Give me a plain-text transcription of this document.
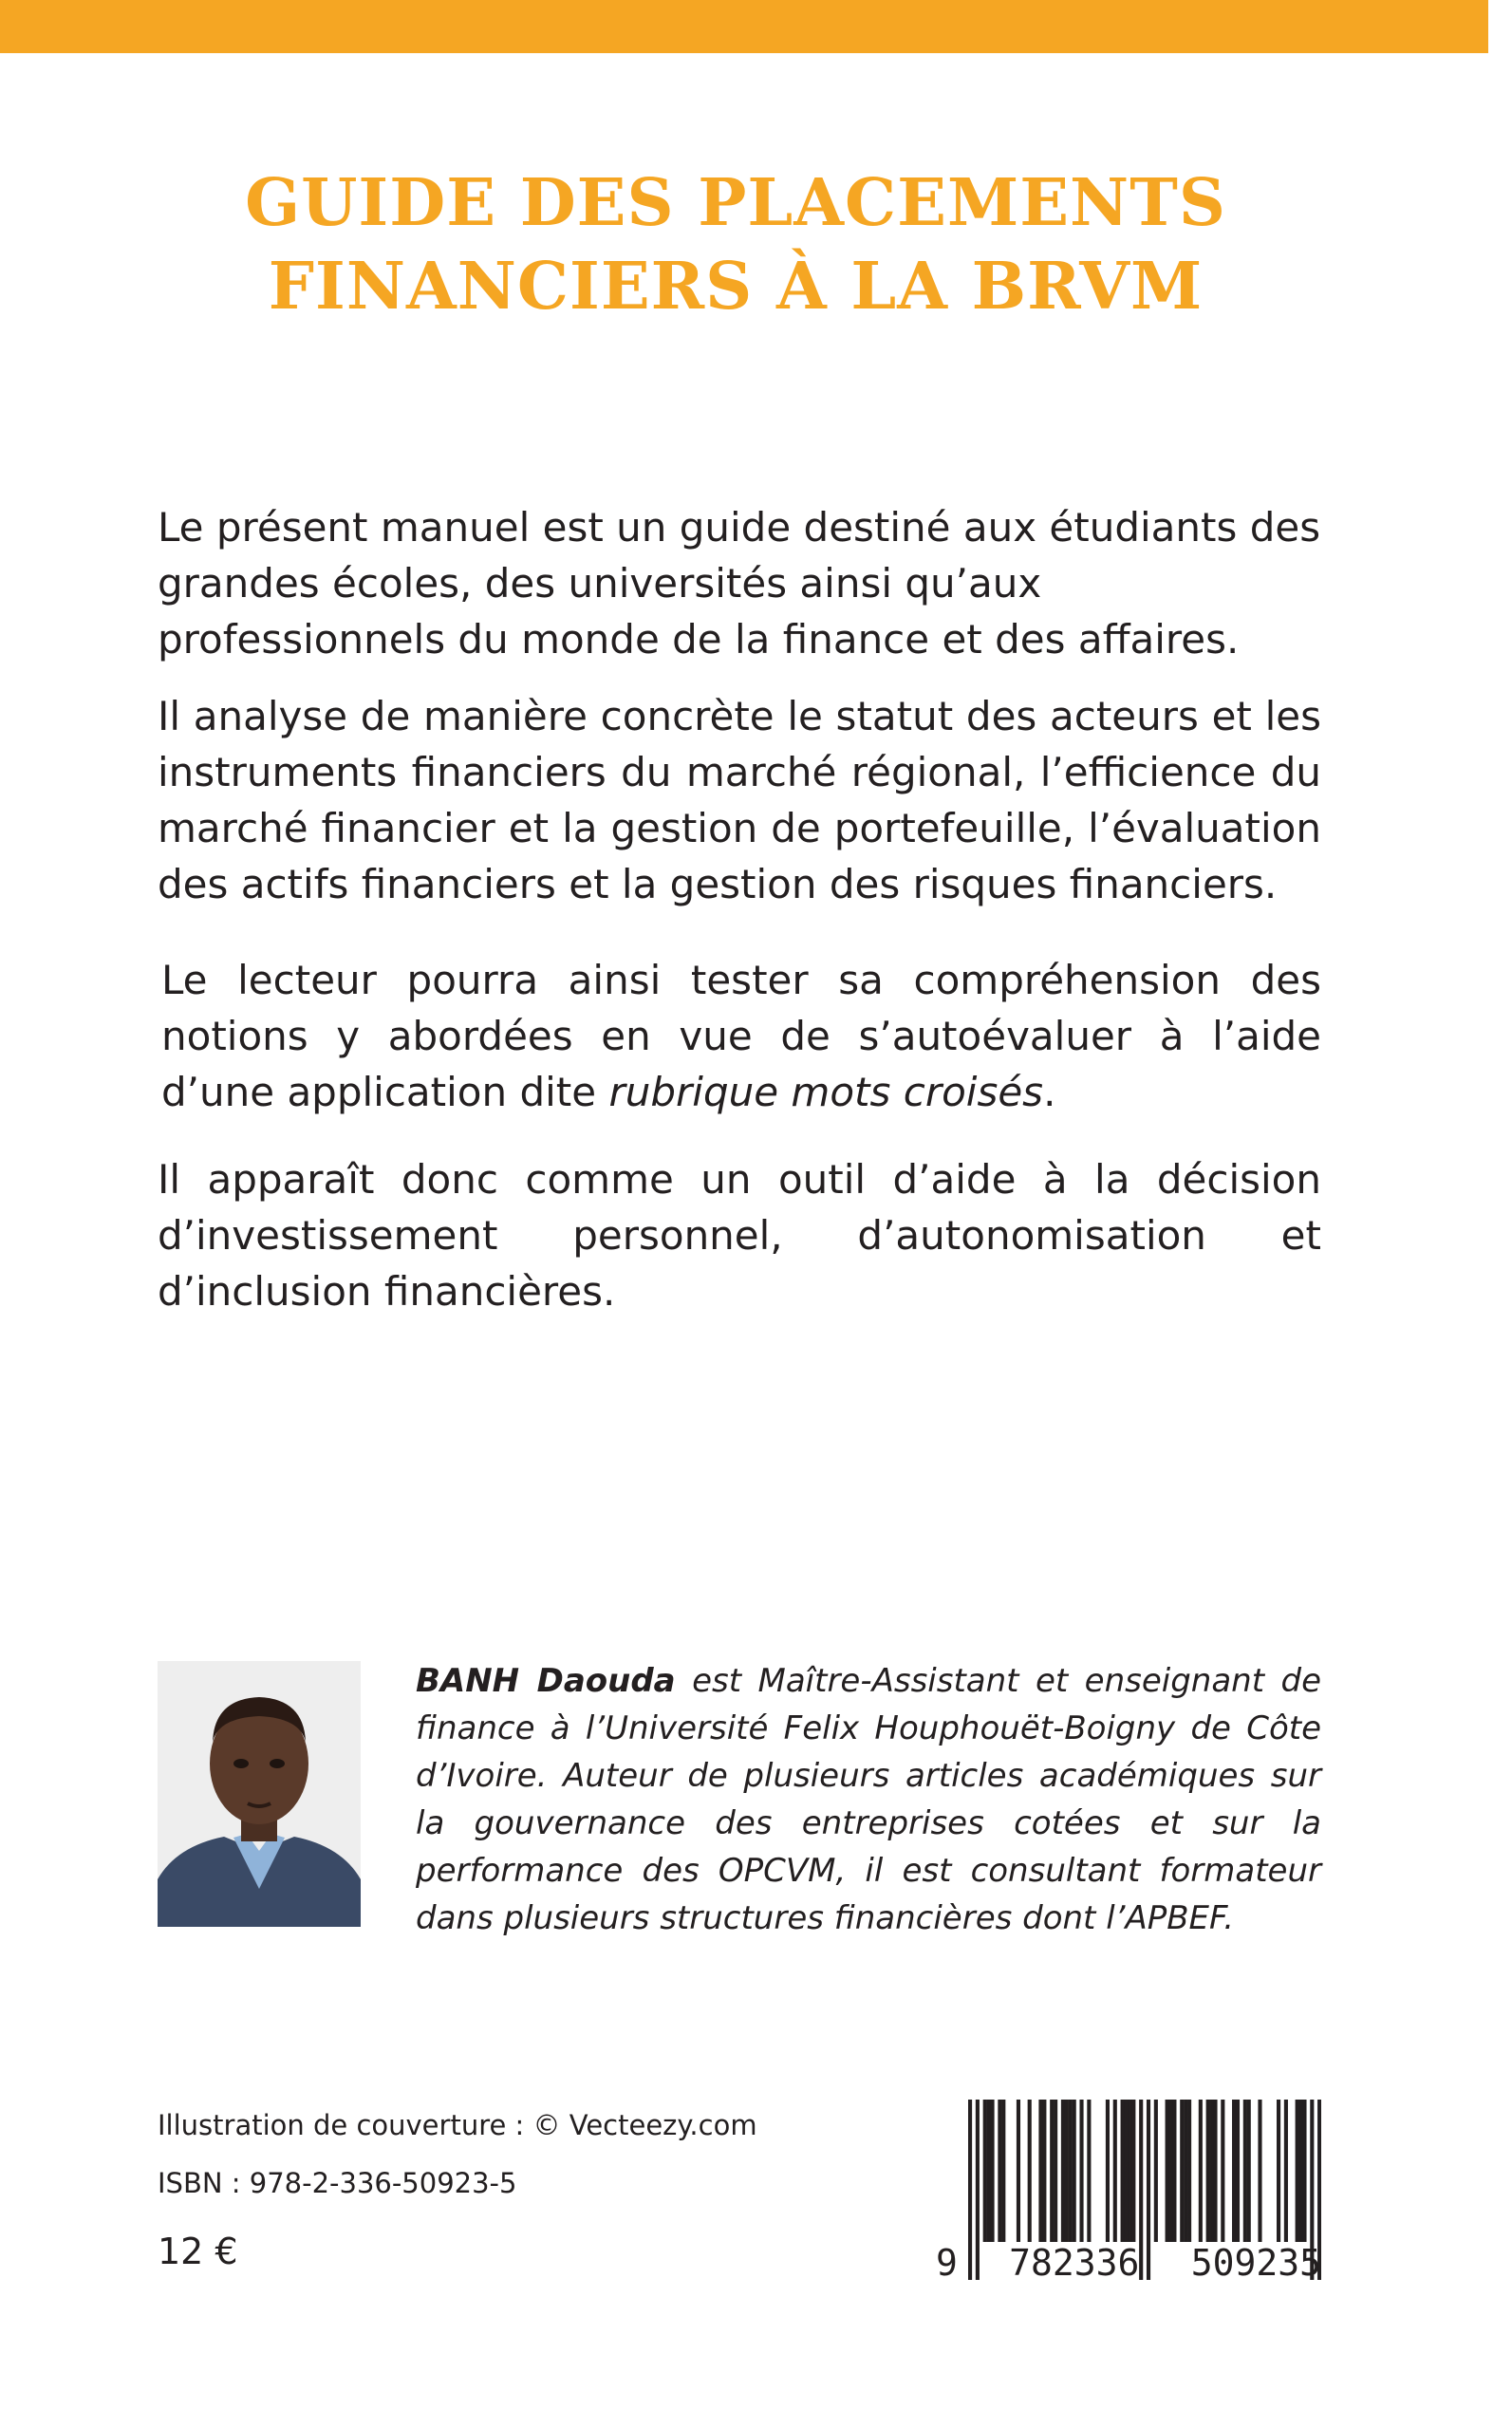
GUIDE DES PLACEMENTS
FINANCIERS À LA BRVM

Le présent manuel est un guide destiné aux étudiants des grandes écoles, des universités ainsi qu’aux professionnels du monde de la finance et des affaires.

Il analyse de manière concrète le statut des acteurs et les instruments financiers du marché régional, l’efficience du marché financier et la gestion de portefeuille, l’évaluation des actifs financiers et la gestion des risques financiers.

Le lecteur pourra ainsi tester sa compréhension des notions y abordées en vue de s’autoévaluer à l’aide d’une application dite rubrique mots croisés.

Il apparaît donc comme un outil d’aide à la décision d’investissement personnel, d’autonomisation et d’inclusion financières.

BANH Daouda est Maître-Assistant et enseignant de finance à l’Université Felix Houphouët-Boigny de Côte d’Ivoire. Auteur de plusieurs articles académiques sur la gouvernance des entreprises cotées et sur la performance des OPCVM, il est consultant formateur dans plusieurs structures financières dont l’APBEF.

Illustration de couverture : © Vecteezy.com

ISBN : 978-2-336-50923-5

12 €	9 782336 509235
